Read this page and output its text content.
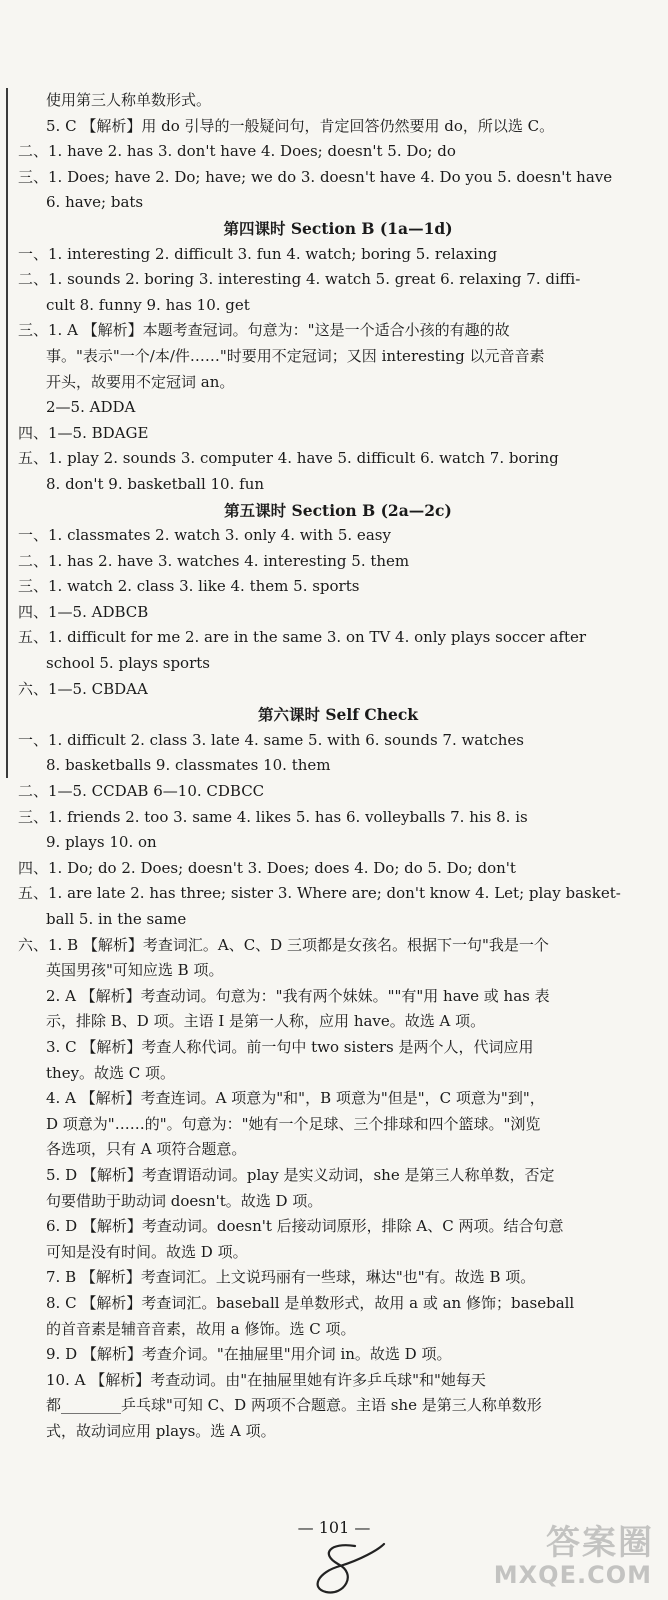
使用第三人称单数形式。
5. C 【解析】用 do 引导的一般疑问句，肯定回答仍然要用 do，所以选 C。
二、1. have 2. has 3. don't have 4. Does; doesn't 5. Do; do
三、1. Does; have 2. Do; have; we do 3. doesn't have 4. Do you 5. doesn't have
6. have; bats
第四课时 Section B (1a—1d)
一、1. interesting 2. difficult 3. fun 4. watch; boring 5. relaxing
二、1. sounds 2. boring 3. interesting 4. watch 5. great 6. relaxing 7. diffi-
cult 8. funny 9. has 10. get
三、1. A 【解析】本题考查冠词。句意为："这是一个适合小孩的有趣的故
事。"表示"一个/本/件……"时要用不定冠词；又因 interesting 以元音音素
开头，故要用不定冠词 an。
2—5. ADDA
四、1—5. BDAGE
五、1. play 2. sounds 3. computer 4. have 5. difficult 6. watch 7. boring
8. don't 9. basketball 10. fun
第五课时 Section B (2a—2c)
一、1. classmates 2. watch 3. only 4. with 5. easy
二、1. has 2. have 3. watches 4. interesting 5. them
三、1. watch 2. class 3. like 4. them 5. sports
四、1—5. ADBCB
五、1. difficult for me 2. are in the same 3. on TV 4. only plays soccer after
school 5. plays sports
六、1—5. CBDAA
第六课时 Self Check
一、1. difficult 2. class 3. late 4. same 5. with 6. sounds 7. watches
8. basketballs 9. classmates 10. them
二、1—5. CCDAB 6—10. CDBCC
三、1. friends 2. too 3. same 4. likes 5. has 6. volleyballs 7. his 8. is
9. plays 10. on
四、1. Do; do 2. Does; doesn't 3. Does; does 4. Do; do 5. Do; don't
五、1. are late 2. has three; sister 3. Where are; don't know 4. Let; play basket-
ball 5. in the same
六、1. B 【解析】考查词汇。A、C、D 三项都是女孩名。根据下一句"我是一个
英国男孩"可知应选 B 项。
2. A 【解析】考查动词。句意为："我有两个妹妹。""有"用 have 或 has 表
示，排除 B、D 项。主语 I 是第一人称，应用 have。故选 A 项。
3. C 【解析】考查人称代词。前一句中 two sisters 是两个人，代词应用
they。故选 C 项。
4. A 【解析】考查连词。A 项意为"和"，B 项意为"但是"，C 项意为"到"，
D 项意为"……的"。句意为："她有一个足球、三个排球和四个篮球。"浏览
各选项，只有 A 项符合题意。
5. D 【解析】考查谓语动词。play 是实义动词，she 是第三人称单数，否定
句要借助于助动词 doesn't。故选 D 项。
6. D 【解析】考查动词。doesn't 后接动词原形，排除 A、C 两项。结合句意
可知是没有时间。故选 D 项。
7. B 【解析】考查词汇。上文说玛丽有一些球，琳达"也"有。故选 B 项。
8. C 【解析】考查词汇。baseball 是单数形式，故用 a 或 an 修饰；baseball
的首音素是辅音音素，故用 a 修饰。选 C 项。
9. D 【解析】考查介词。"在抽屉里"用介词 in。故选 D 项。
10. A 【解析】考查动词。由"在抽屉里她有许多乒乓球"和"她每天
都________乒乓球"可知 C、D 两项不合题意。主语 she 是第三人称单数形
式，故动词应用 plays。选 A 项。
— 101 —	答案圈
MXQE.COM
